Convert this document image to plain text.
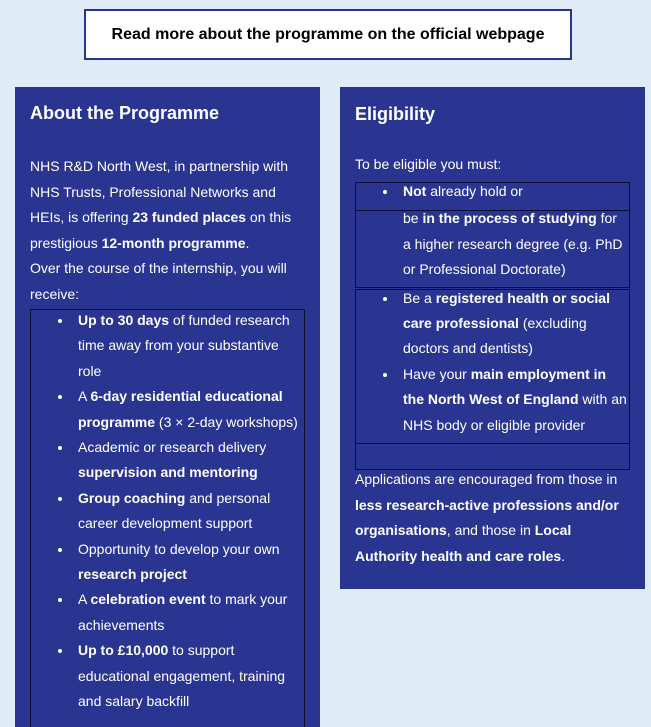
Read more about the programme on the official webpage
About the Programme
NHS R&D North West, in partnership with
NHS Trusts, Professional Networks and
HEIs, is offering 23 funded places on this
prestigious 12-month programme.
Over the course of the internship, you will
receive:
Up to 30 days of funded research
time away from your substantive
role
A 6-day residential educational
programme (3 × 2-day workshops)
Academic or research delivery
supervision and mentoring
Group coaching and personal
career development support
Opportunity to develop your own
research project
A celebration event to mark your
achievements
Up to £10,000 to support
educational engagement, training
and salary backfill
Eligibility
To be eligible you must:
Not already hold or
be in the process of studying for
a higher research degree (e.g. PhD
or Professional Doctorate)
Be a registered health or social
care professional (excluding
doctors and dentists)
Have your main employment in
the North West of England with an
NHS body or eligible provider
Applications are encouraged from those in
less research-active professions and/or
organisations, and those in Local
Authority health and care roles.
